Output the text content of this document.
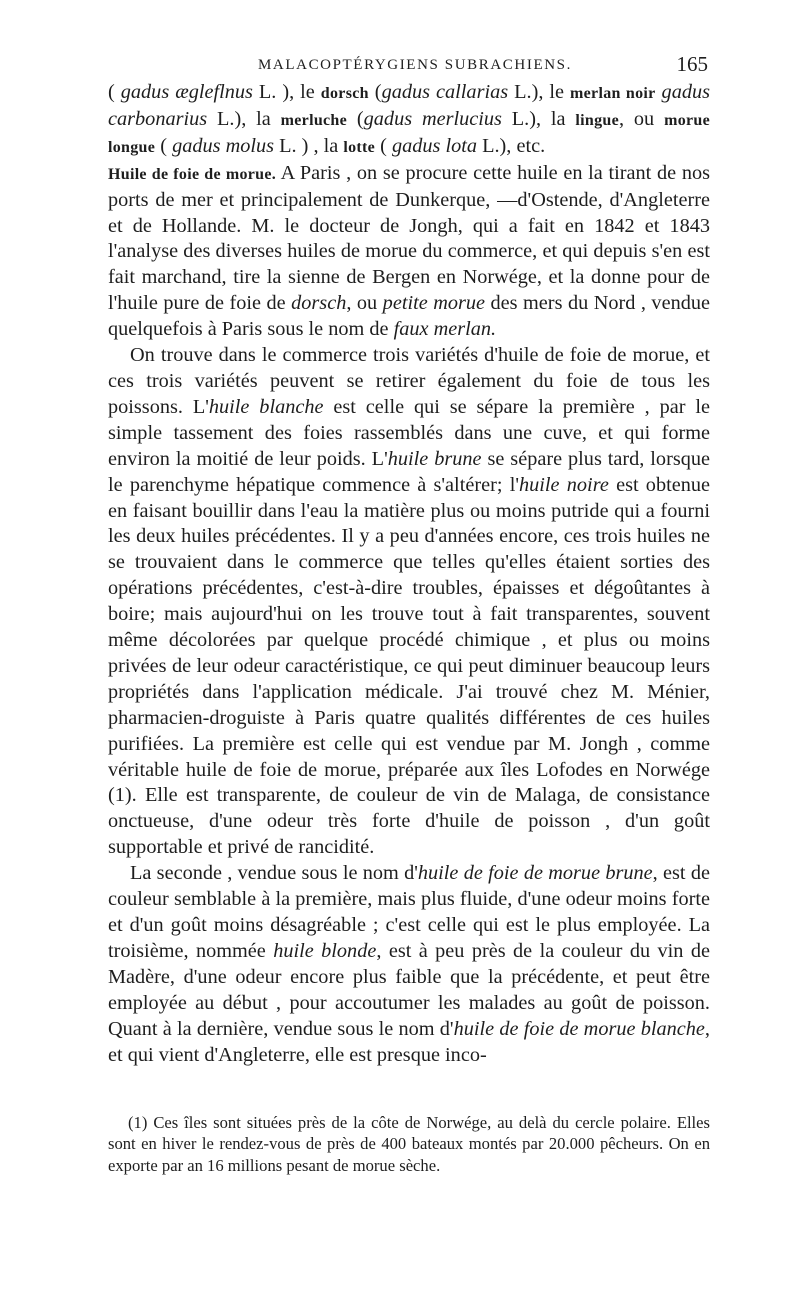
MALACOPTÉRYGIENS SUBRACHIENS.	165

( gadus ægleflnus L. ), le dorsch (gadus callarias L.), le merlan noir gadus carbonarius L.), la merluche (gadus merlucius L.), la lingue, ou morue longue ( gadus molus L. ) , la lotte ( gadus lota L.), etc.

Huile de foie de morue. A Paris , on se procure cette huile en la tirant de nos ports de mer et principalement de Dunkerque, —d'Ostende, d'Angleterre et de Hollande. M. le docteur de Jongh, qui a fait en 1842 et 1843 l'analyse des diverses huiles de morue du commerce, et qui depuis s'en est fait marchand, tire la sienne de Bergen en Norwége, et la donne pour de l'huile pure de foie de dorsch, ou petite morue des mers du Nord , vendue quelquefois à Paris sous le nom de faux merlan.

On trouve dans le commerce trois variétés d'huile de foie de morue, et ces trois variétés peuvent se retirer également du foie de tous les poissons. L'huile blanche est celle qui se sépare la première , par le simple tassement des foies rassemblés dans une cuve, et qui forme environ la moitié de leur poids. L'huile brune se sépare plus tard, lorsque le parenchyme hépatique commence à s'altérer; l'huile noire est obtenue en faisant bouillir dans l'eau la matière plus ou moins putride qui a fourni les deux huiles précédentes. Il y a peu d'années encore, ces trois huiles ne se trouvaient dans le commerce que telles qu'elles étaient sorties des opérations précédentes, c'est-à-dire troubles, épaisses et dégoûtantes à boire; mais aujourd'hui on les trouve tout à fait transparentes, souvent même décolorées par quelque procédé chimique , et plus ou moins privées de leur odeur caractéristique, ce qui peut diminuer beaucoup leurs propriétés dans l'application médicale. J'ai trouvé chez M. Ménier, pharmacien-droguiste à Paris quatre qualités différentes de ces huiles purifiées. La première est celle qui est vendue par M. Jongh , comme véritable huile de foie de morue, préparée aux îles Lofodes en Norwége (1). Elle est transparente, de couleur de vin de Malaga, de consistance onctueuse, d'une odeur très forte d'huile de poisson , d'un goût supportable et privé de rancidité.

La seconde , vendue sous le nom d'huile de foie de morue brune, est de couleur semblable à la première, mais plus fluide, d'une odeur moins forte et d'un goût moins désagréable ; c'est celle qui est le plus employée. La troisième, nommée huile blonde, est à peu près de la couleur du vin de Madère, d'une odeur encore plus faible que la précédente, et peut être employée au début , pour accoutumer les malades au goût de poisson. Quant à la dernière, vendue sous le nom d'huile de foie de morue blanche, et qui vient d'Angleterre, elle est presque inco-

(1) Ces îles sont situées près de la côte de Norwége, au delà du cercle polaire. Elles sont en hiver le rendez-vous de près de 400 bateaux montés par 20.000 pêcheurs. On en exporte par an 16 millions pesant de morue sèche.
